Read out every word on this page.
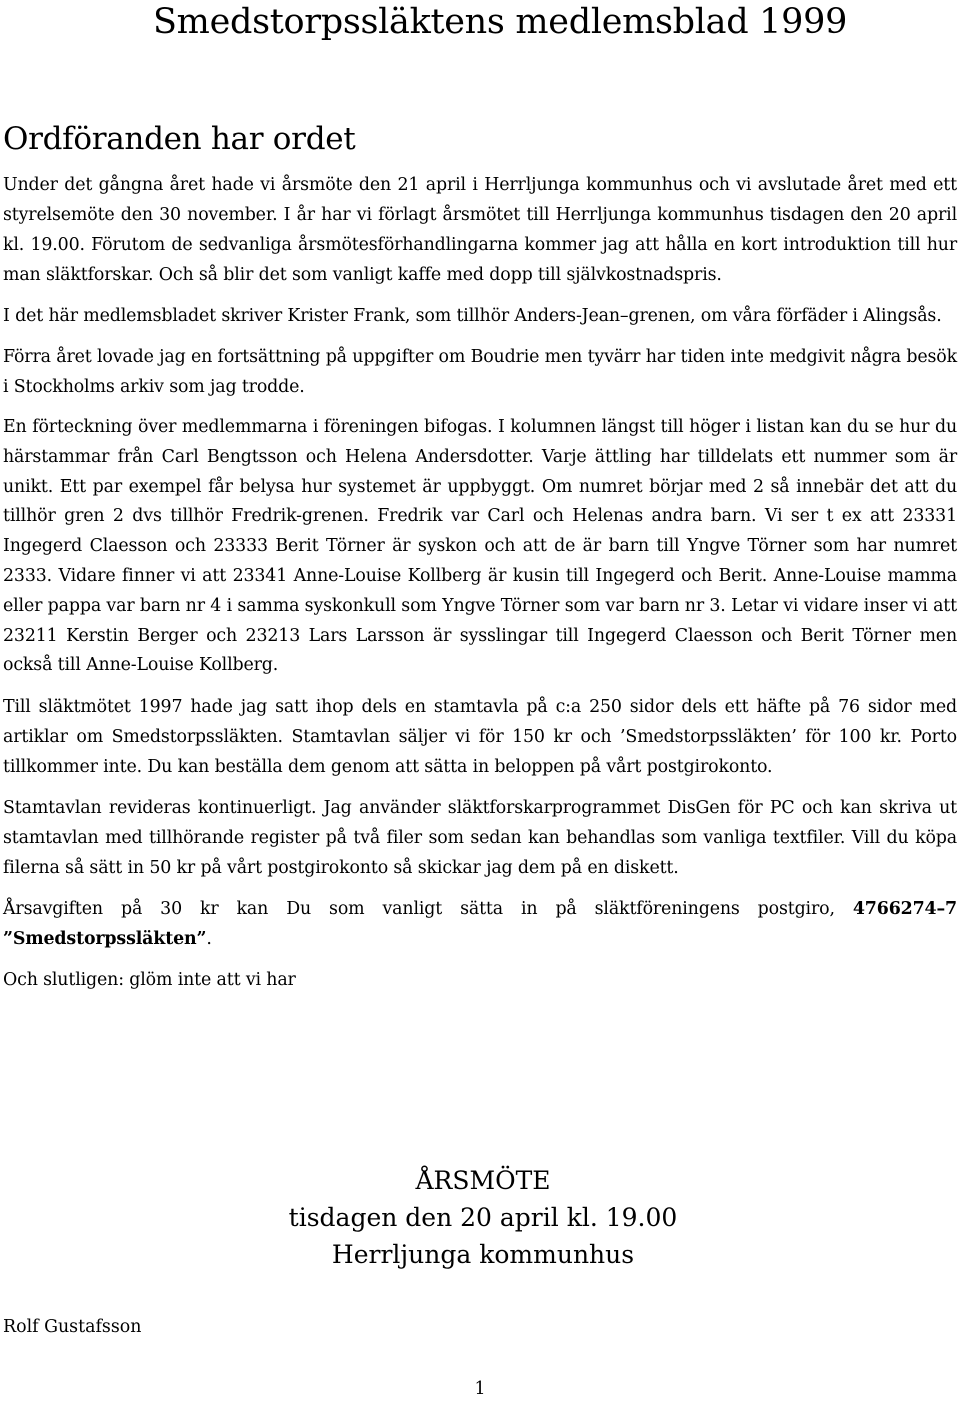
Smedstorpssläktens medlemsblad 1999
Ordföranden har ordet

Under det gångna året hade vi årsmöte den 21 april i Herrljunga kommunhus och vi avslutade året med ett styrelsemöte den 30 november. I år har vi förlagt årsmötet till Herrljunga kommunhus tisdagen den 20 april kl. 19.00. Förutom de sedvanliga årsmötesförhandlingarna kommer jag att hålla en kort introduktion till hur man släktforskar. Och så blir det som vanligt kaffe med dopp till självkostnadspris.

I det här medlemsbladet skriver Krister Frank, som tillhör Anders-Jean–grenen, om våra förfäder i Alingsås.

Förra året lovade jag en fortsättning på uppgifter om Boudrie men tyvärr har tiden inte medgivit några besök i Stockholms arkiv som jag trodde.

En förteckning över medlemmarna i föreningen bifogas. I kolumnen längst till höger i listan kan du se hur du härstammar från Carl Bengtsson och Helena Andersdotter. Varje ättling har tilldelats ett nummer som är unikt. Ett par exempel får belysa hur systemet är uppbyggt. Om numret börjar med 2 så innebär det att du tillhör gren 2 dvs tillhör Fredrik-grenen. Fredrik var Carl och Helenas andra barn. Vi ser t ex att 23331 Ingegerd Claesson och 23333 Berit Törner är syskon och att de är barn till Yngve Törner som har numret 2333. Vidare finner vi att 23341 Anne-Louise Kollberg är kusin till Ingegerd och Berit. Anne-Louise mamma eller pappa var barn nr 4 i samma syskonkull som Yngve Törner som var barn nr 3. Letar vi vidare inser vi att 23211 Kerstin Berger och 23213 Lars Larsson är sysslingar till Ingegerd Claesson och Berit Törner men också till Anne-Louise Kollberg.

Till släktmötet 1997 hade jag satt ihop dels en stamtavla på c:a 250 sidor dels ett häfte på 76 sidor med artiklar om Smedstorpssläkten. Stamtavlan säljer vi för 150 kr och ’Smedstorpssläkten’ för 100 kr. Porto tillkommer inte. Du kan beställa dem genom att sätta in beloppen på vårt postgirokonto.

Stamtavlan revideras kontinuerligt. Jag använder släktforskarprogrammet DisGen för PC och kan skriva ut stamtavlan med tillhörande register på två filer som sedan kan behandlas som vanliga textfiler. Vill du köpa filerna så sätt in 50 kr på vårt postgirokonto så skickar jag dem på en diskett.

Årsavgiften på 30 kr kan Du som vanligt sätta in på släktföreningens postgiro, 4766274–7 ”Smedstorpssläkten”.

Och slutligen: glöm inte att vi har

ÅRSMÖTE
tisdagen den 20 april kl. 19.00
Herrljunga kommunhus

Rolf Gustafsson

1
